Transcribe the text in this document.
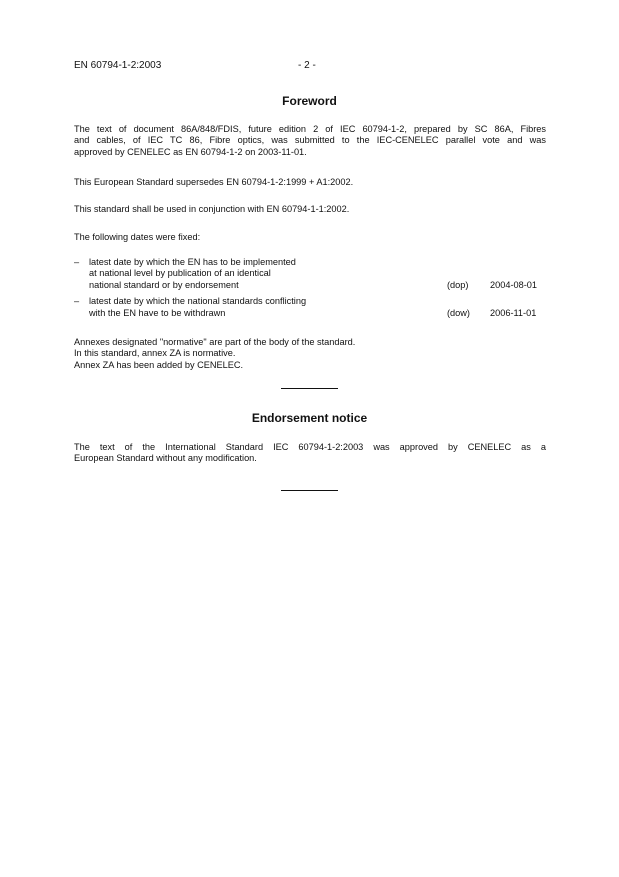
EN 60794-1-2:2003	- 2 -
Foreword
The text of document 86A/848/FDIS, future edition 2 of IEC 60794-1-2, prepared by SC 86A, Fibres
and cables, of IEC TC 86, Fibre optics, was submitted to the IEC-CENELEC parallel vote and was
approved by CENELEC as EN 60794-1-2 on 2003-11-01.
This European Standard supersedes EN 60794-1-2:1999 + A1:2002.
This standard shall be used in conjunction with EN 60794-1-1:2002.
The following dates were fixed:
– latest date by which the EN has to be implemented
at national level by publication of an identical
national standard or by endorsement	(dop)	2004-08-01
– latest date by which the national standards conflicting
with the EN have to be withdrawn	(dow)	2006-11-01
Annexes designated "normative" are part of the body of the standard.
In this standard, annex ZA is normative.
Annex ZA has been added by CENELEC.
Endorsement notice
The text of the International Standard IEC 60794-1-2:2003 was approved by CENELEC as a
European Standard without any modification.
